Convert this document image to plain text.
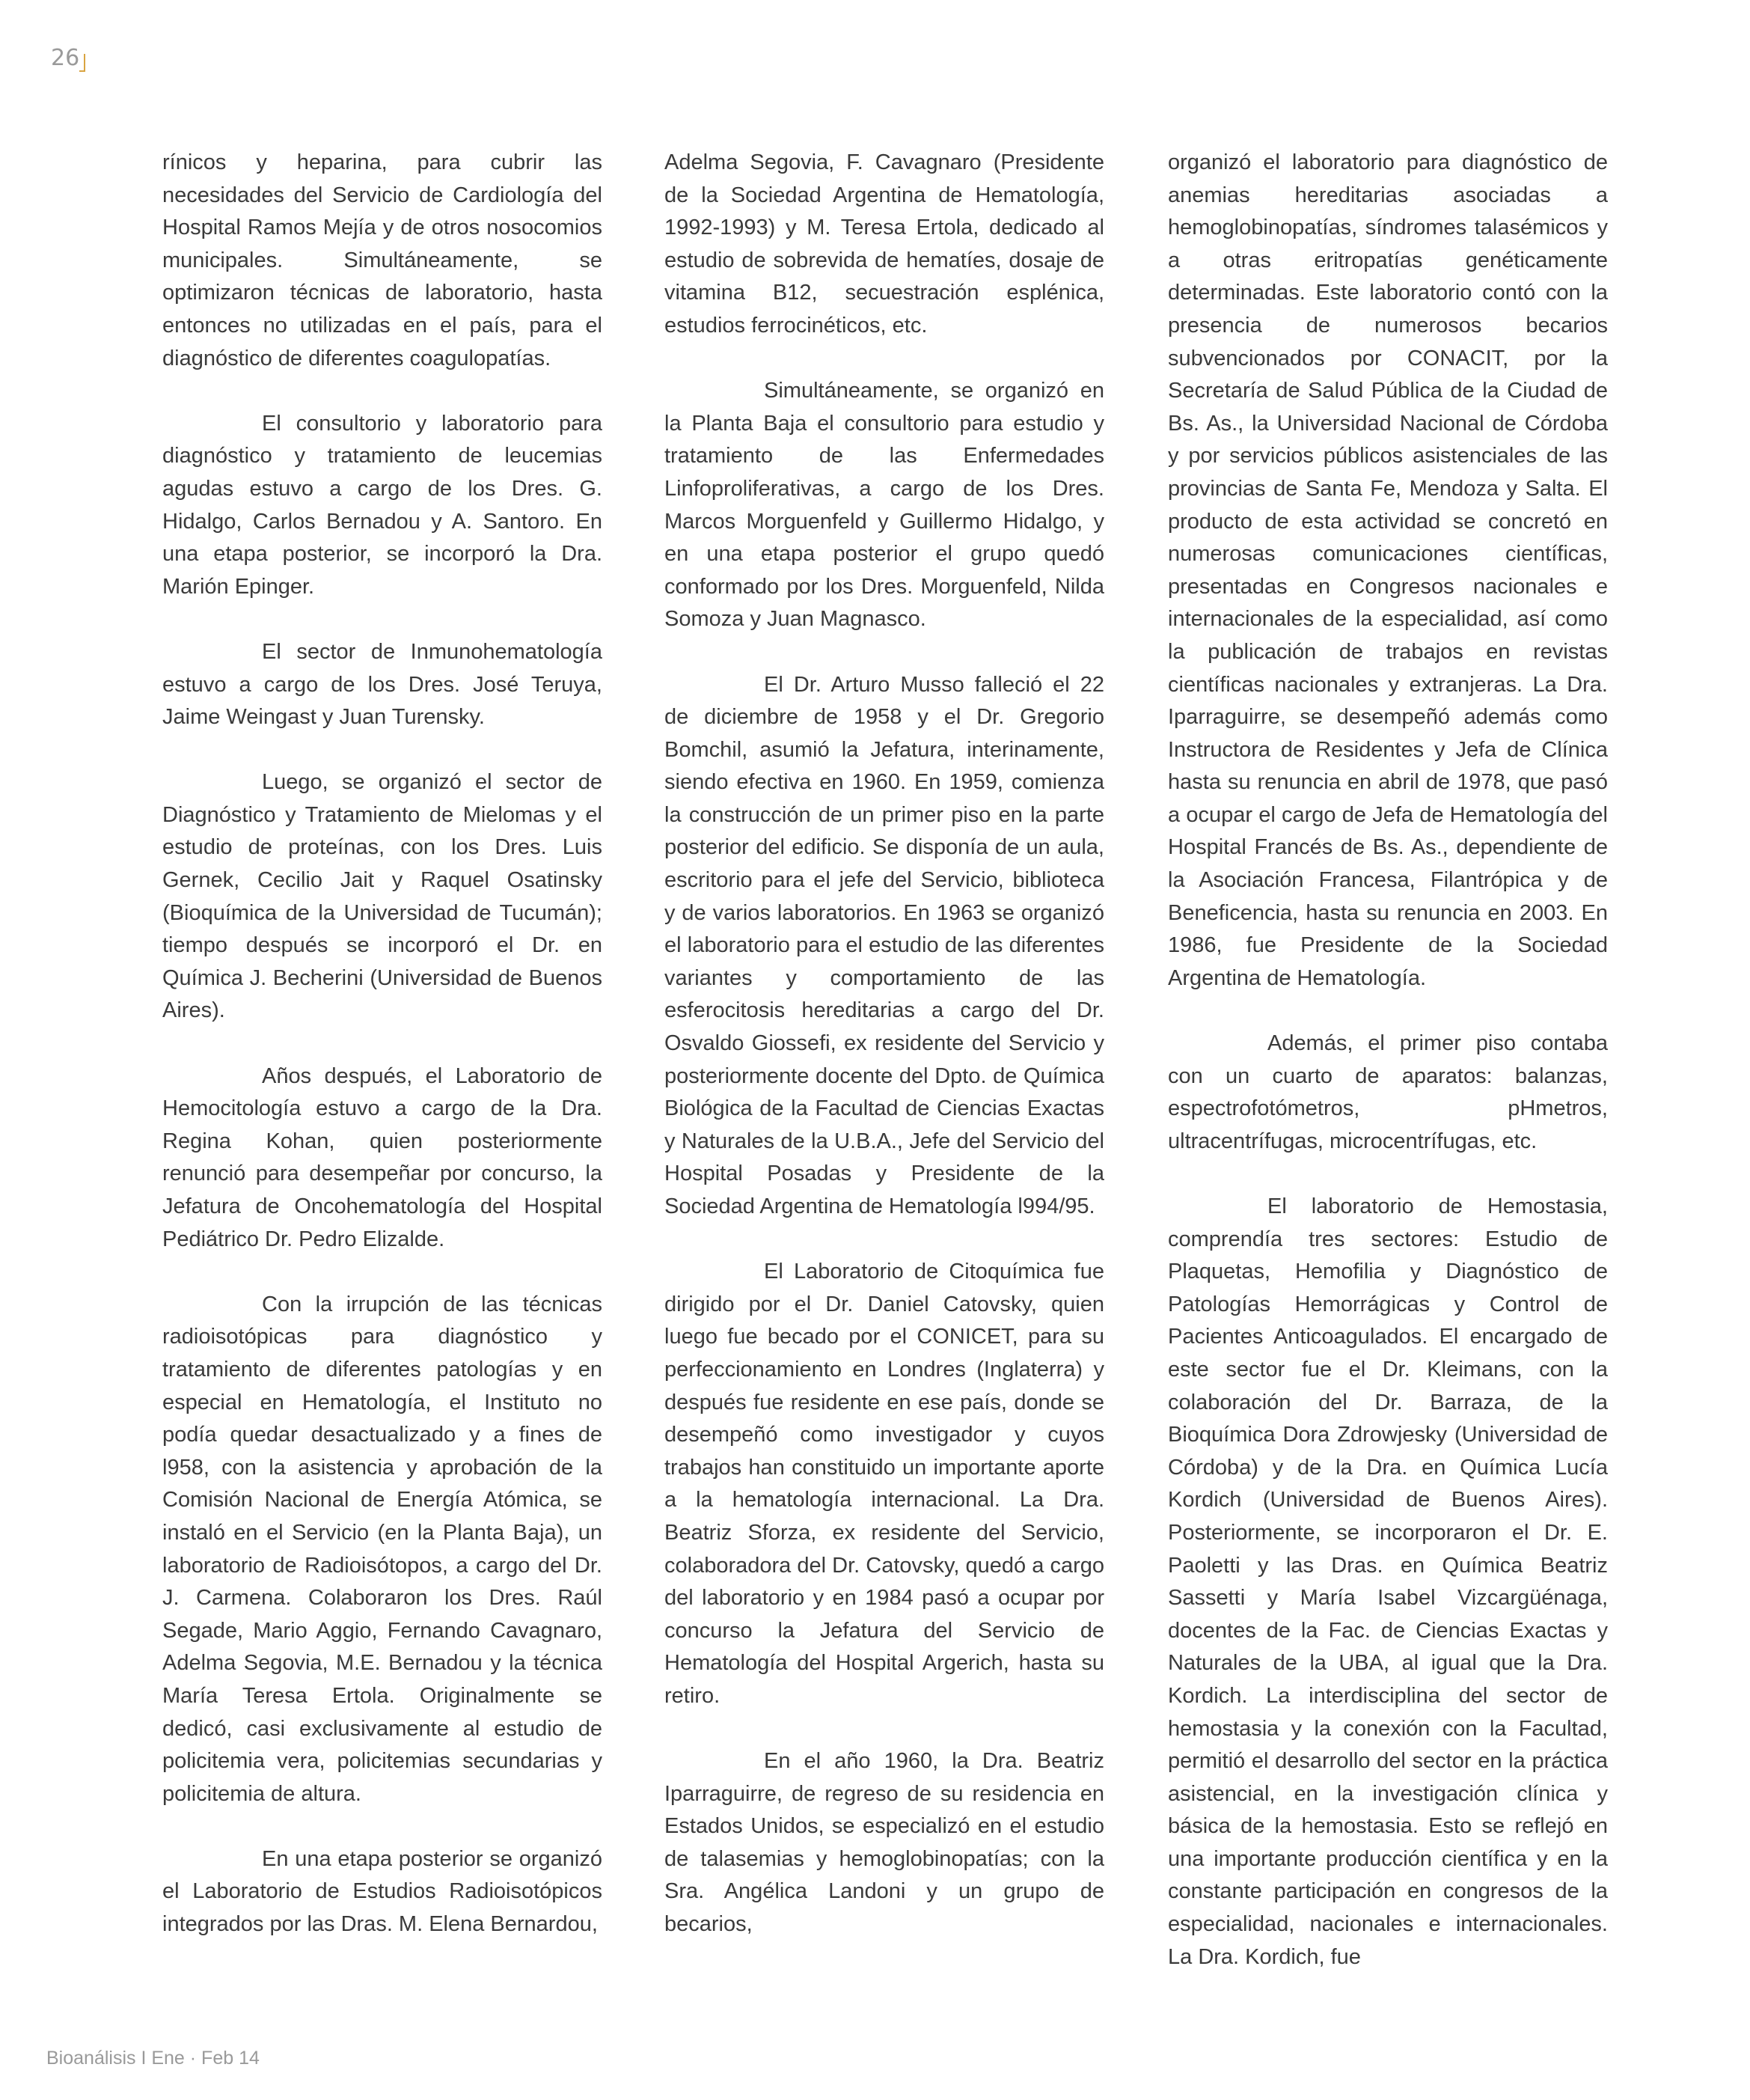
26

rínicos y heparina, para cubrir las necesidades del Servicio de Cardiología del Hospital Ramos Mejía y de otros nosocomios municipales. Simultáneamente, se optimizaron técnicas de laboratorio, hasta entonces no utilizadas en el país, para el diagnóstico de diferentes coagulopatías.

El consultorio y laboratorio para diagnóstico y tratamiento de leucemias agudas estuvo a cargo de los Dres. G. Hidalgo, Carlos Bernadou y A. Santoro. En una etapa posterior, se incorporó la Dra. Marión Epinger.

El sector de Inmunohematología estuvo a cargo de los Dres. José Teruya, Jaime Weingast y Juan Turensky.

Luego, se organizó el sector de Diagnóstico y Tratamiento de Mielomas y el estudio de proteínas, con los Dres. Luis Gernek, Cecilio Jait y Raquel Osatinsky (Bioquímica de la Universidad de Tucumán); tiempo después se incorporó el Dr. en Química J. Becherini (Universidad de Buenos Aires).

Años después, el Laboratorio de Hemocitología estuvo a cargo de la Dra. Regina Kohan, quien posteriormente renunció para desempeñar por concurso, la Jefatura de Oncohematología del Hospital Pediátrico Dr. Pedro Elizalde.

Con la irrupción de las técnicas radioisotópicas para diagnóstico y tratamiento de diferentes patologías y en especial en Hematología, el Instituto no podía quedar desactualizado y a fines de l958, con la asistencia y aprobación de la Comisión Nacional de Energía Atómica, se instaló en el Servicio (en la Planta Baja), un laboratorio de Radioisótopos, a cargo del Dr. J. Carmena. Colaboraron los Dres. Raúl Segade, Mario Aggio, Fernando Cavagnaro, Adelma Segovia, M.E. Bernadou y la técnica María Teresa Ertola. Originalmente se dedicó, casi exclusivamente al estudio de policitemia vera, policitemias secundarias y policitemia de altura.

En una etapa posterior se organizó el Laboratorio de Estudios Radioisotópicos integrados por las Dras. M. Elena Bernardou,

Adelma Segovia, F. Cavagnaro (Presidente de la Sociedad Argentina de Hematología, 1992-1993) y M. Teresa Ertola, dedicado al estudio de sobrevida de hematíes, dosaje de vitamina B12, secuestración esplénica, estudios ferrocinéticos, etc.

Simultáneamente, se organizó en la Planta Baja el consultorio para estudio y tratamiento de las Enfermedades Linfoproliferativas, a cargo de los Dres. Marcos Morguenfeld y Guillermo Hidalgo, y en una etapa posterior el grupo quedó conformado por los Dres. Morguenfeld, Nilda Somoza y Juan Magnasco.

El Dr. Arturo Musso falleció el 22 de diciembre de 1958 y el Dr. Gregorio Bomchil, asumió la Jefatura, interinamente, siendo efectiva en 1960. En 1959, comienza la construcción de un primer piso en la parte posterior del edificio. Se disponía de un aula, escritorio para el jefe del Servicio, biblioteca y de varios laboratorios. En 1963 se organizó el laboratorio para el estudio de las diferentes variantes y comportamiento de las esferocitosis hereditarias a cargo del Dr. Osvaldo Giossefi, ex residente del Servicio y posteriormente docente del Dpto. de Química Biológica de la Facultad de Ciencias Exactas y Naturales de la U.B.A., Jefe del Servicio del Hospital Posadas y Presidente de la Sociedad Argentina de Hematología l994/95.

El Laboratorio de Citoquímica fue dirigido por el Dr. Daniel Catovsky, quien luego fue becado por el CONICET, para su perfeccionamiento en Londres (Inglaterra) y después fue residente en ese país, donde se desempeñó como investigador y cuyos trabajos han constituido un importante aporte a la hematología internacional. La Dra. Beatriz Sforza, ex residente del Servicio, colaboradora del Dr. Catovsky, quedó a cargo del laboratorio y en 1984 pasó a ocupar por concurso la Jefatura del Servicio de Hematología del Hospital Argerich, hasta su retiro.

En el año 1960, la Dra. Beatriz Iparraguirre, de regreso de su residencia en Estados Unidos, se especializó en el estudio de talasemias y hemoglobinopatías; con la Sra. Angélica Landoni y un grupo de becarios,

organizó el laboratorio para diagnóstico de anemias hereditarias asociadas a hemoglobinopatías, síndromes talasémicos y a otras eritropatías genéticamente determinadas. Este laboratorio contó con la presencia de numerosos becarios subvencionados por CONACIT, por la Secretaría de Salud Pública de la Ciudad de Bs. As., la Universidad Nacional de Córdoba y por servicios públicos asistenciales de las provincias de Santa Fe, Mendoza y Salta. El producto de esta actividad se concretó en numerosas comunicaciones científicas, presentadas en Congresos nacionales e internacionales de la especialidad, así como la publicación de trabajos en revistas científicas nacionales y extranjeras. La Dra. Iparraguirre, se desempeñó además como Instructora de Residentes y Jefa de Clínica hasta su renuncia en abril de 1978, que pasó a ocupar el cargo de Jefa de Hematología del Hospital Francés de Bs. As., dependiente de la Asociación Francesa, Filantrópica y de Beneficencia, hasta su renuncia en 2003. En 1986, fue Presidente de la Sociedad Argentina de Hematología.

Además, el primer piso contaba con un cuarto de aparatos: balanzas, espectrofotómetros, pHmetros, ultracentrífugas, microcentrífugas, etc.

El laboratorio de Hemostasia, comprendía tres sectores: Estudio de Plaquetas, Hemofilia y Diagnóstico de Patologías Hemorrágicas y Control de Pacientes Anticoagulados. El encargado de este sector fue el Dr. Kleimans, con la colaboración del Dr. Barraza, de la Bioquímica Dora Zdrowjesky (Universidad de Córdoba) y de la Dra. en Química Lucía Kordich (Universidad de Buenos Aires). Posteriormente, se incorporaron el Dr. E. Paoletti y las Dras. en Química Beatriz Sassetti y María Isabel Vizcargüénaga, docentes de la Fac. de Ciencias Exactas y Naturales de la UBA, al igual que la Dra. Kordich. La interdisciplina del sector de hemostasia y la conexión con la Facultad, permitió el desarrollo del sector en la práctica asistencial, en la investigación clínica y básica de la hemostasia. Esto se reflejó en una importante producción científica y en la constante participación en congresos de la especialidad, nacionales e internacionales. La Dra. Kordich, fue

Bioanálisis I Ene · Feb 14
